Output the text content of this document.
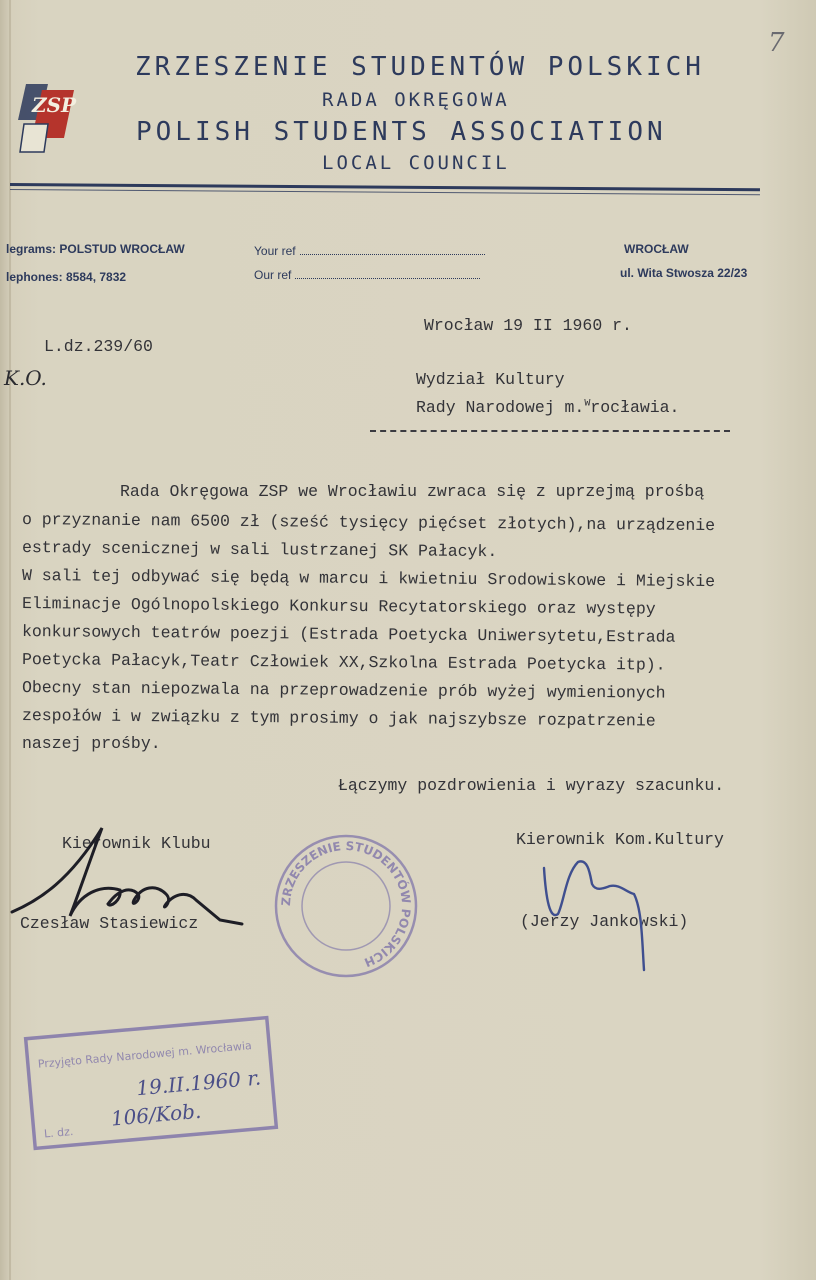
7
ZSP
ZRZESZENIE STUDENTÓW POLSKICH
RADA OKRĘGOWA
POLISH STUDENTS ASSOCIATION
LOCAL COUNCIL
legrams: POLSTUD WROCŁAW
lephones: 8584, 7832
Your ref
Our ref
WROCŁAW
ul. Wita Stwosza 22/23
Wrocław 19 II 1960 r.
L.dz.239/60
K.O.	Wydział Kultury
Rady Narodowej m.$^W$rocławia.
Rada Okręgowa ZSP we Wrocławiu zwraca się z uprzejmą prośbą
o przyznanie nam 6500 zł (sześć tysięcy pięćset złotych),na urządzenie
estrady scenicznej w sali lustrzanej SK Pałacyk.
W sali tej odbywać się będą w marcu i kwietniu Srodowiskowe i Miejskie
Eliminacje Ogólnopolskiego Konkursu Recytatorskiego oraz występy
konkursowych teatrów poezji (Estrada Poetycka Uniwersytetu,Estrada
Poetycka Pałacyk,Teatr Człowiek XX,Szkolna Estrada Poetycka itp).
Obecny stan niepozwala na przeprowadzenie prób wyżej wymienionych
zespołów i w związku z tym prosimy o jak najszybsze rozpatrzenie
naszej prośby.
Łączymy pozdrowienia i wyrazy szacunku.
Kierownik Klubu
Czesław Stasiewicz
Kierownik Kom.Kultury
(Jerzy Jankowski)
ZRZESZENIE STUDENTÓW POLSKICH
Przyjęto Rady Narodowej m. Wrocławia
L. dz.
19.II.1960 r.
106/Kob.
